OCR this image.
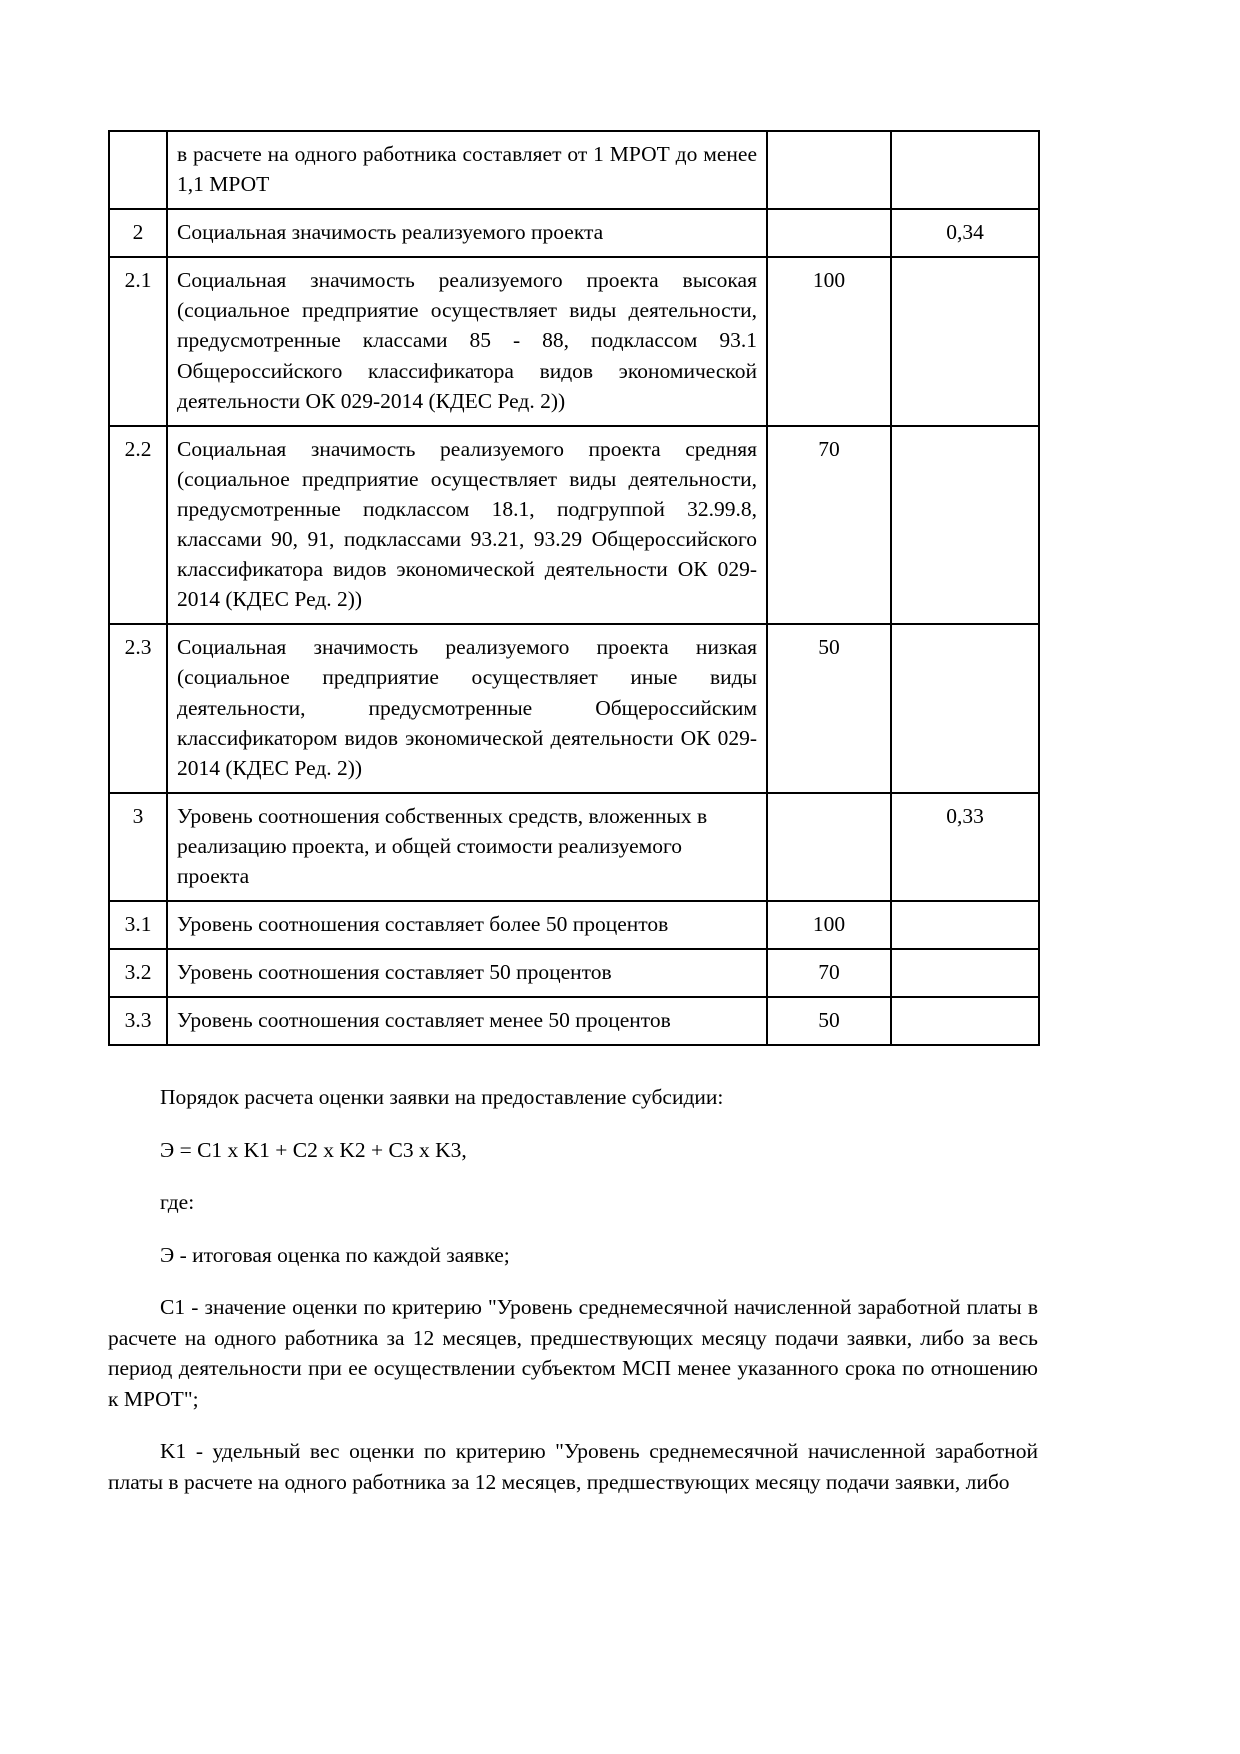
	в расчете на одного работника составляет от 1 МРОТ до менее 1,1 МРОТ		
2	Социальная значимость реализуемого проекта		0,34
2.1	Социальная значимость реализуемого проекта высокая (социальное предприятие осуществляет виды деятельности, предусмотренные классами 85 - 88, подклассом 93.1 Общероссийского классификатора видов экономической деятельности ОК 029-2014 (КДЕС Ред. 2))	100	
2.2	Социальная значимость реализуемого проекта средняя (социальное предприятие осуществляет виды деятельности, предусмотренные подклассом 18.1, подгруппой 32.99.8, классами 90, 91, подклассами 93.21, 93.29 Общероссийского классификатора видов экономической деятельности ОК 029-2014 (КДЕС Ред. 2))	70	
2.3	Социальная значимость реализуемого проекта низкая (социальное предприятие осуществляет иные виды деятельности, предусмотренные Общероссийским классификатором видов экономической деятельности ОК 029-2014 (КДЕС Ред. 2))	50	
3	Уровень соотношения собственных средств, вложенных в реализацию проекта, и общей стоимости реализуемого проекта		0,33
3.1	Уровень соотношения составляет более 50 процентов	100	
3.2	Уровень соотношения составляет 50 процентов	70	
3.3	Уровень соотношения составляет менее 50 процентов	50	

Порядок расчета оценки заявки на предоставление субсидии:

Э = C1 x K1 + C2 x K2 + C3 x K3,

где:

Э - итоговая оценка по каждой заявке;

C1 - значение оценки по критерию "Уровень среднемесячной начисленной заработной платы в расчете на одного работника за 12 месяцев, предшествующих месяцу подачи заявки, либо за весь период деятельности при ее осуществлении субъектом МСП менее указанного срока по отношению к МРОТ";

K1 - удельный вес оценки по критерию "Уровень среднемесячной начисленной заработной платы в расчете на одного работника за 12 месяцев, предшествующих месяцу подачи заявки, либо
